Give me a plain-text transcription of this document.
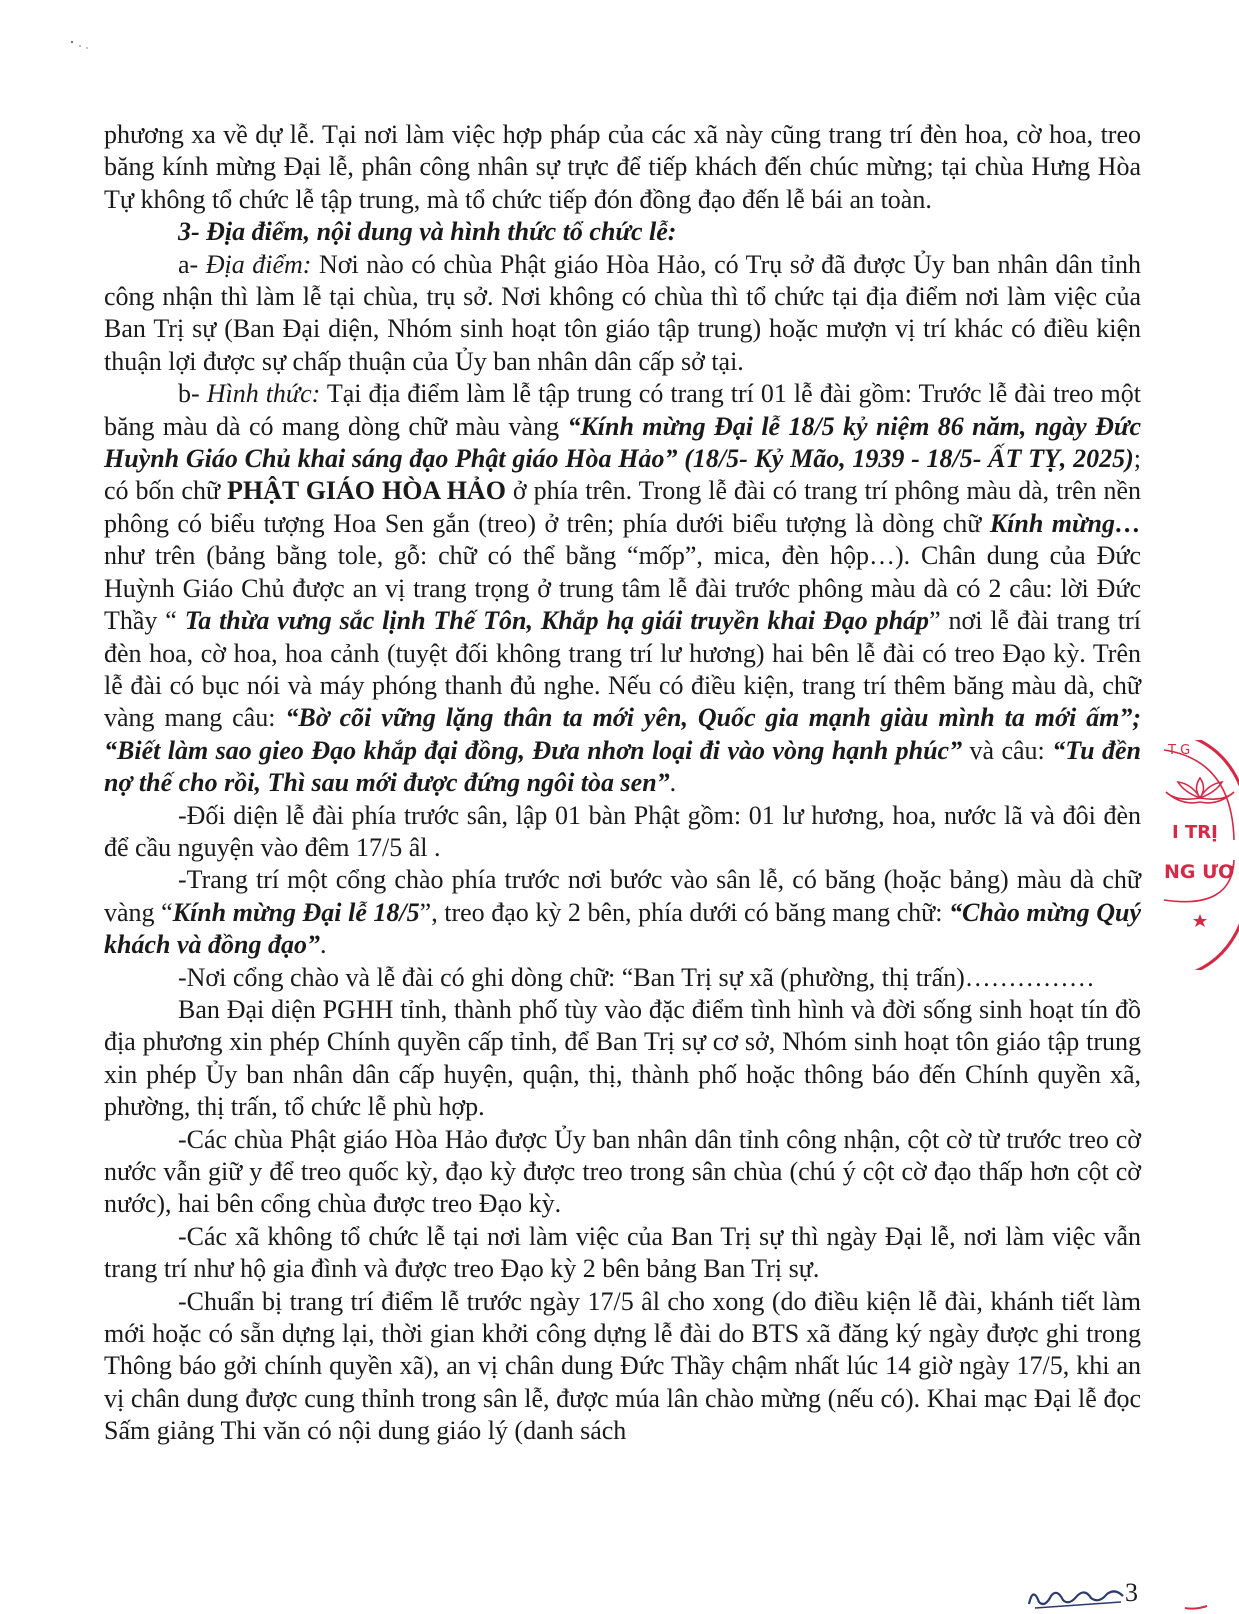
phương xa về dự lễ. Tại nơi làm việc hợp pháp của các xã này cũng trang trí đèn hoa, cờ hoa, treo băng kính mừng Đại lễ, phân công nhân sự trực để tiếp khách đến chúc mừng; tại chùa Hưng Hòa Tự không tổ chức lễ tập trung, mà tổ chức tiếp đón đồng đạo đến lễ bái an toàn.

3- Địa điểm, nội dung và hình thức tổ chức lễ:

a- Địa điểm: Nơi nào có chùa Phật giáo Hòa Hảo, có Trụ sở đã được Ủy ban nhân dân tỉnh công nhận thì làm lễ tại chùa, trụ sở. Nơi không có chùa thì tổ chức tại địa điểm nơi làm việc của Ban Trị sự (Ban Đại diện, Nhóm sinh hoạt tôn giáo tập trung) hoặc mượn vị trí khác có điều kiện thuận lợi được sự chấp thuận của Ủy ban nhân dân cấp sở tại.

b- Hình thức: Tại địa điểm làm lễ tập trung có trang trí 01 lễ đài gồm: Trước lễ đài treo một băng màu dà có mang dòng chữ màu vàng “Kính mừng Đại lễ 18/5 kỷ niệm 86 năm, ngày Đức Huỳnh Giáo Chủ khai sáng đạo Phật giáo Hòa Hảo” (18/5- Kỷ Mão, 1939 - 18/5- ẤT TỴ, 2025); có bốn chữ PHẬT GIÁO HÒA HẢO ở phía trên. Trong lễ đài có trang trí phông màu dà, trên nền phông có biểu tượng Hoa Sen gắn (treo) ở trên; phía dưới biểu tượng là dòng chữ Kính mừng… như trên (bảng bằng tole, gỗ: chữ có thể bằng “mốp”, mica, đèn hộp…). Chân dung của Đức Huỳnh Giáo Chủ được an vị trang trọng ở trung tâm lễ đài trước phông màu dà có 2 câu: lời Đức Thầy “ Ta thừa vưng sắc lịnh Thế Tôn, Khắp hạ giái truyền khai Đạo pháp” nơi lễ đài trang trí đèn hoa, cờ hoa, hoa cảnh (tuyệt đối không trang trí lư hương) hai bên lễ đài có treo Đạo kỳ. Trên lễ đài có bục nói và máy phóng thanh đủ nghe. Nếu có điều kiện, trang trí thêm băng màu dà, chữ vàng mang câu: “Bờ cõi vững lặng thân ta mới yên, Quốc gia mạnh giàu mình ta mới ấm”; “Biết làm sao gieo Đạo khắp đại đồng, Đưa nhơn loại đi vào vòng hạnh phúc” và câu: “Tu đền nợ thế cho rồi, Thì sau mới được đứng ngôi tòa sen”.

-Đối diện lễ đài phía trước sân, lập 01 bàn Phật gồm: 01 lư hương, hoa, nước lã và đôi đèn để cầu nguyện vào đêm 17/5 âl .

-Trang trí một cổng chào phía trước nơi bước vào sân lễ, có băng (hoặc bảng) màu dà chữ vàng “Kính mừng Đại lễ 18/5”, treo đạo kỳ 2 bên, phía dưới có băng mang chữ: “Chào mừng Quý khách và đồng đạo”.

-Nơi cổng chào và lễ đài có ghi dòng chữ: “Ban Trị sự xã (phường, thị trấn)……………

Ban Đại diện PGHH tỉnh, thành phố tùy vào đặc điểm tình hình và đời sống sinh hoạt tín đồ địa phương xin phép Chính quyền cấp tỉnh, để Ban Trị sự cơ sở, Nhóm sinh hoạt tôn giáo tập trung xin phép Ủy ban nhân dân cấp huyện, quận, thị, thành phố hoặc thông báo đến Chính quyền xã, phường, thị trấn, tổ chức lễ phù hợp.

-Các chùa Phật giáo Hòa Hảo được Ủy ban nhân dân tỉnh công nhận, cột cờ từ trước treo cờ nước vẫn giữ y để treo quốc kỳ, đạo kỳ được treo trong sân chùa (chú ý cột cờ đạo thấp hơn cột cờ nước), hai bên cổng chùa được treo Đạo kỳ.

-Các xã không tổ chức lễ tại nơi làm việc của Ban Trị sự thì ngày Đại lễ, nơi làm việc vẫn trang trí như hộ gia đình và được treo Đạo kỳ 2 bên bảng Ban Trị sự.

-Chuẩn bị trang trí điểm lễ trước ngày 17/5 âl cho xong (do điều kiện lễ đài, khánh tiết làm mới hoặc có sẵn dựng lại, thời gian khởi công dựng lễ đài do BTS xã đăng ký ngày được ghi trong Thông báo gởi chính quyền xã), an vị chân dung Đức Thầy chậm nhất lúc 14 giờ ngày 17/5, khi an vị chân dung được cung thỉnh trong sân lễ, được múa lân chào mừng (nếu có). Khai mạc Đại lễ đọc Sấm giảng Thi văn có nội dung giáo lý (danh sách

T G
I TRỊ
NG ƯƠ
3
